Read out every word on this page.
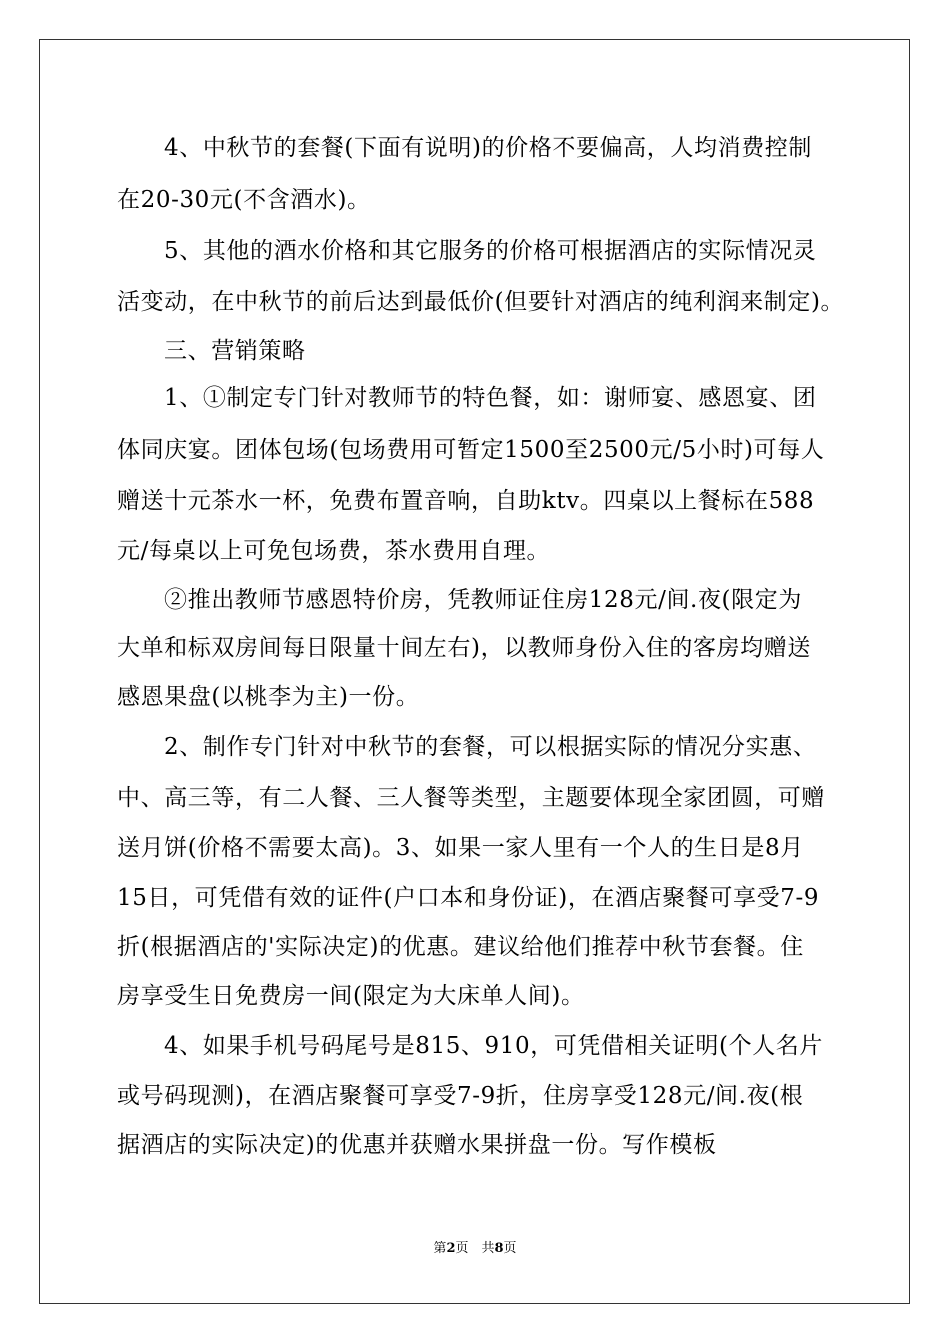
4、中秋节的套餐(下面有说明)的价格不要偏高，人均消费控制
在20-30元(不含酒水)。
5、其他的酒水价格和其它服务的价格可根据酒店的实际情况灵
活变动，在中秋节的前后达到最低价(但要针对酒店的纯利润来制定)。
三、营销策略
1、①制定专门针对教师节的特色餐，如：谢师宴、感恩宴、团
体同庆宴。团体包场(包场费用可暂定1500至2500元/5小时)可每人
赠送十元茶水一杯，免费布置音响，自助ktv。四桌以上餐标在588
元/每桌以上可免包场费，茶水费用自理。
②推出教师节感恩特价房，凭教师证住房128元/间.夜(限定为
大单和标双房间每日限量十间左右)，以教师身份入住的客房均赠送
感恩果盘(以桃李为主)一份。
2、制作专门针对中秋节的套餐，可以根据实际的情况分实惠、
中、高三等，有二人餐、三人餐等类型，主题要体现全家团圆，可赠
送月饼(价格不需要太高)。3、如果一家人里有一个人的生日是8月
15日，可凭借有效的证件(户口本和身份证)，在酒店聚餐可享受7-9
折(根据酒店的'实际决定)的优惠。建议给他们推荐中秋节套餐。住
房享受生日免费房一间(限定为大床单人间)。
4、如果手机号码尾号是815、910，可凭借相关证明(个人名片
或号码现测)，在酒店聚餐可享受7-9折，住房享受128元/间.夜(根
据酒店的实际决定)的优惠并获赠水果拼盘一份。写作模板
第2页　共8页
